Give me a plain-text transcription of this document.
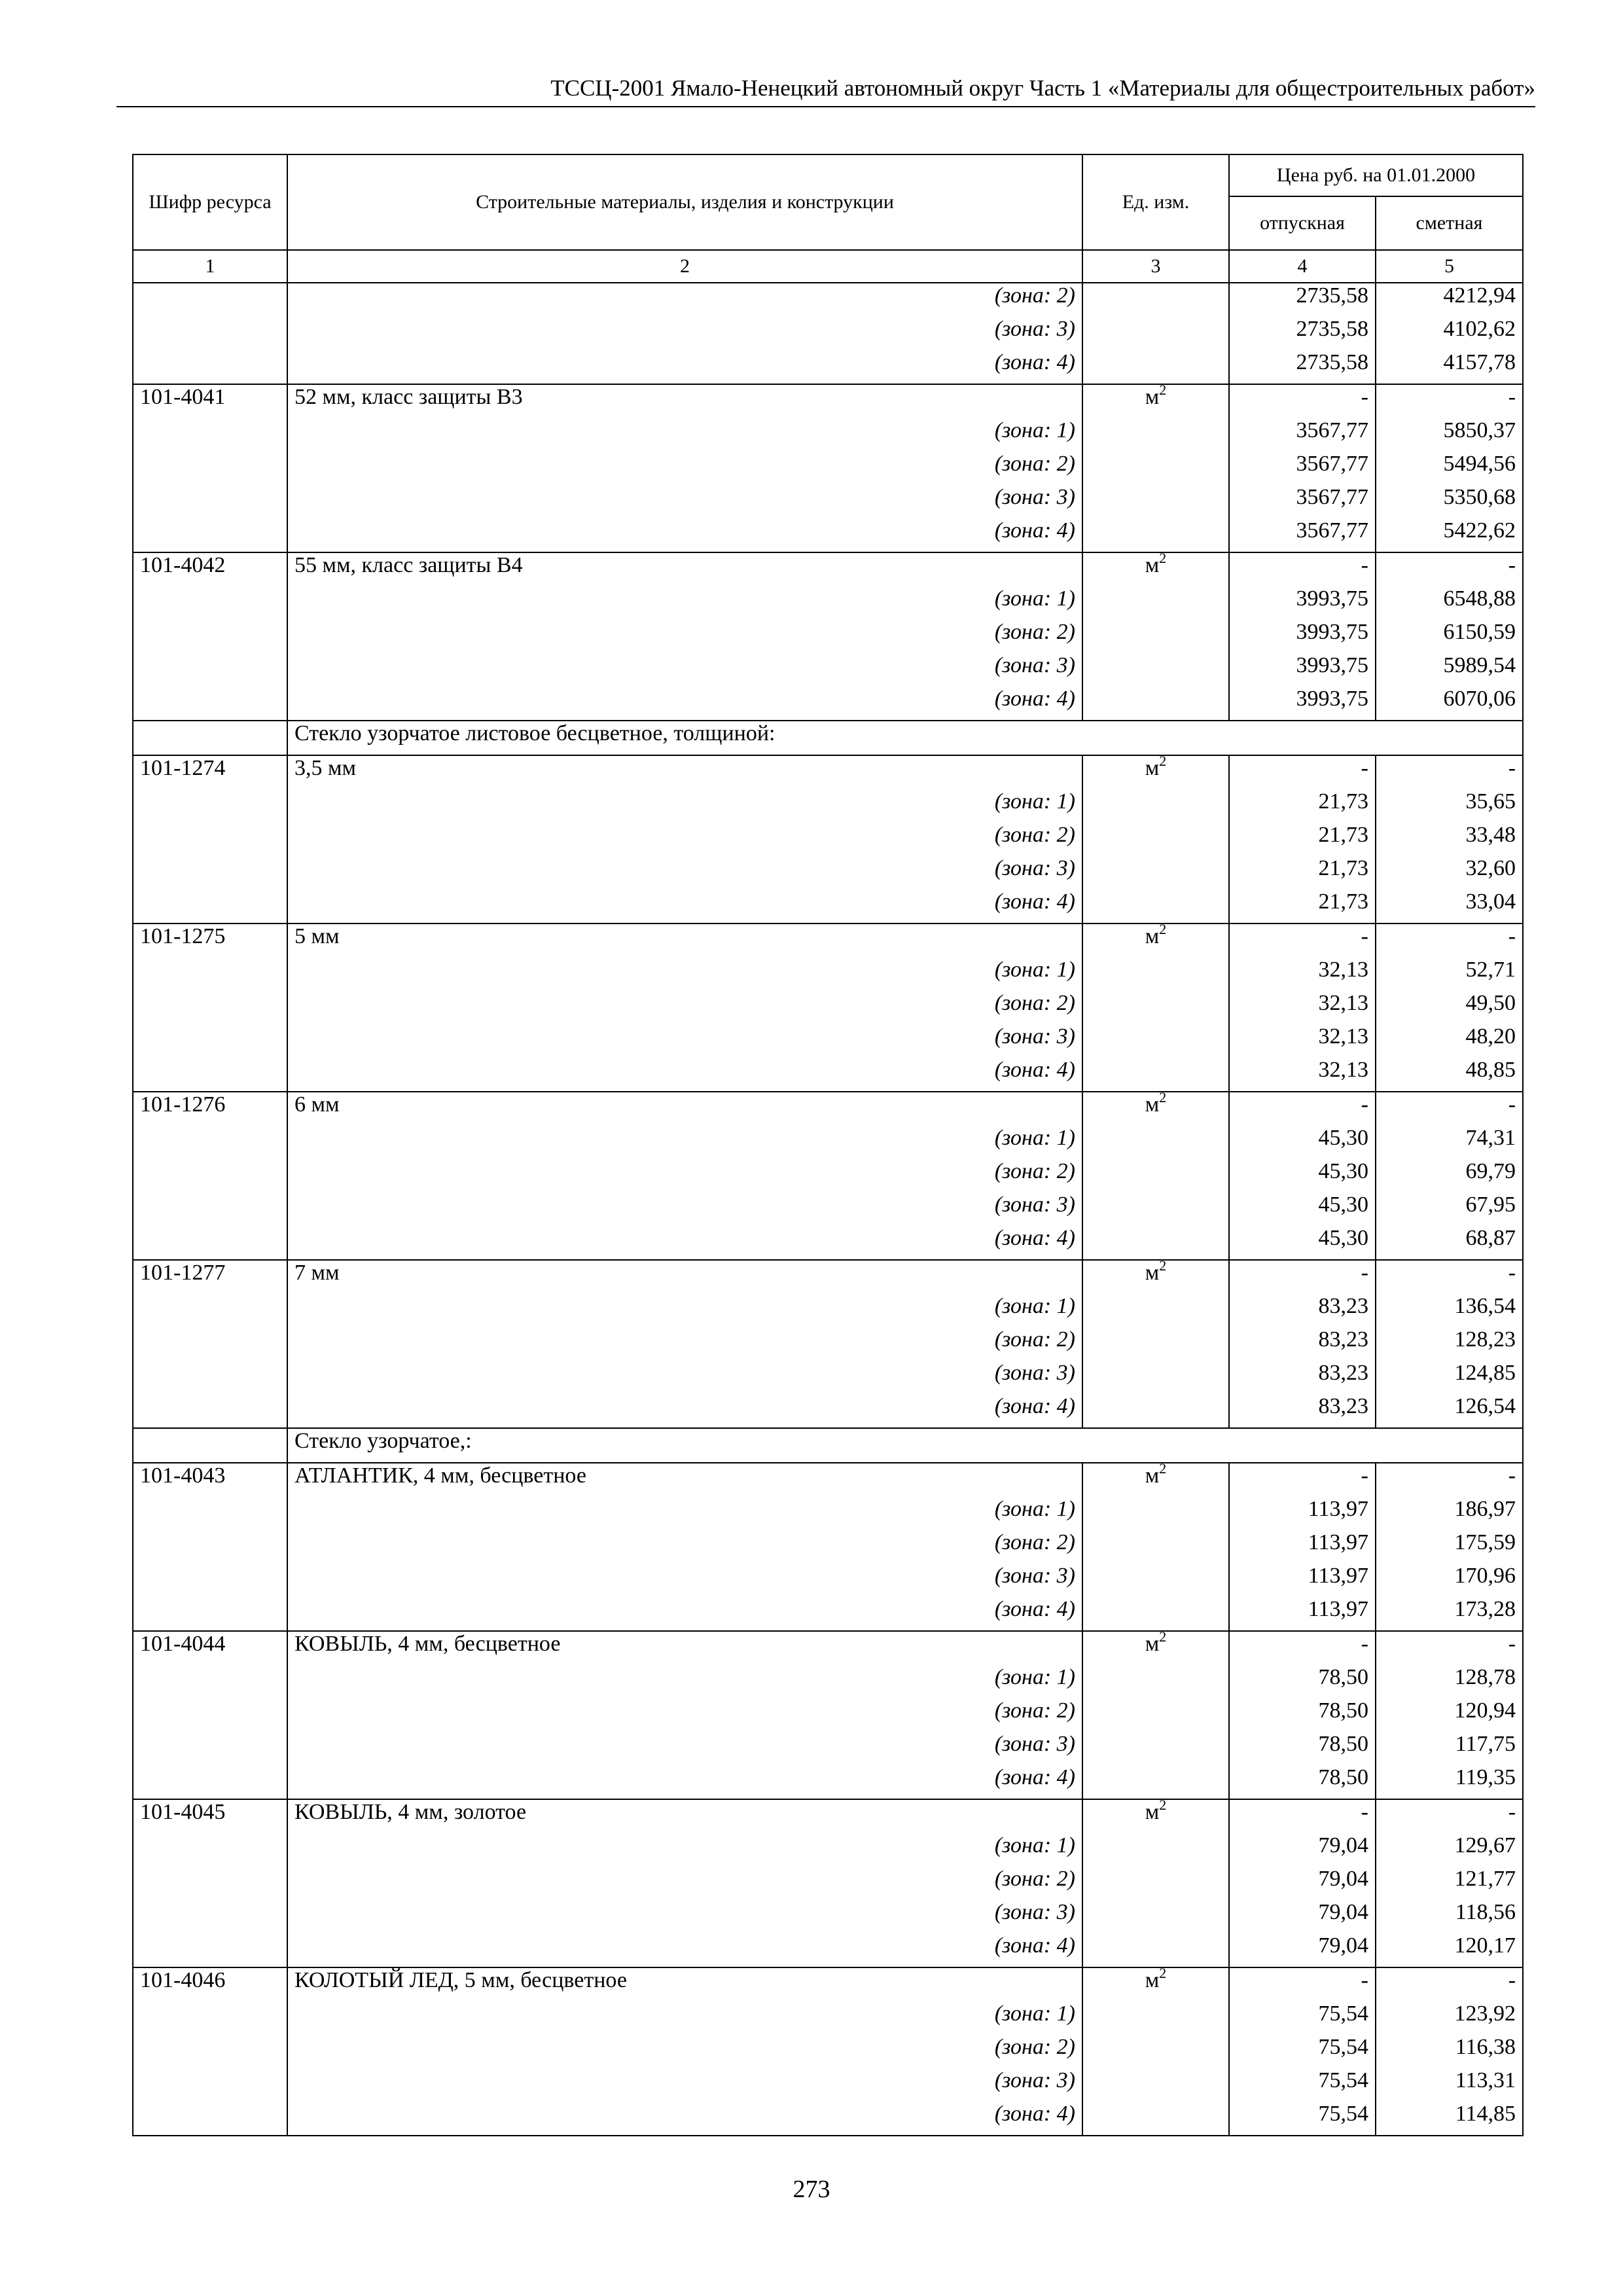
ТССЦ-2001 Ямало-Ненецкий автономный округ Часть 1 «Материалы для общестроительных работ»
Шифр ресурса	Строительные материалы, изделия и конструкции	Ед. изм.	Цена руб. на 01.01.2000	
			отпускная	сметная
1	2	3	4	5
	(зона: 2)		2735,58	4212,94
	(зона: 3)		2735,58	4102,62
	(зона: 4)		2735,58	4157,78
101-4041	52 мм, класс защиты В3	$м^2$	-	-
	(зона: 1)		3567,77	5850,37
	(зона: 2)		3567,77	5494,56
	(зона: 3)		3567,77	5350,68
	(зона: 4)		3567,77	5422,62
101-4042	55 мм, класс защиты В4	$м^2$	-	-
	(зона: 1)		3993,75	6548,88
	(зона: 2)		3993,75	6150,59
	(зона: 3)		3993,75	5989,54
	(зона: 4)		3993,75	6070,06
	Стекло узорчатое листовое бесцветное, толщиной:			
101-1274	3,5 мм	$м^2$	-	-
	(зона: 1)		21,73	35,65
	(зона: 2)		21,73	33,48
	(зона: 3)		21,73	32,60
	(зона: 4)		21,73	33,04
101-1275	5 мм	$м^2$	-	-
	(зона: 1)		32,13	52,71
	(зона: 2)		32,13	49,50
	(зона: 3)		32,13	48,20
	(зона: 4)		32,13	48,85
101-1276	6 мм	$м^2$	-	-
	(зона: 1)		45,30	74,31
	(зона: 2)		45,30	69,79
	(зона: 3)		45,30	67,95
	(зона: 4)		45,30	68,87
101-1277	7 мм	$м^2$	-	-
	(зона: 1)		83,23	136,54
	(зона: 2)		83,23	128,23
	(зона: 3)		83,23	124,85
	(зона: 4)		83,23	126,54
	Стекло узорчатое,:			
101-4043	АТЛАНТИК, 4 мм, бесцветное	$м^2$	-	-
	(зона: 1)		113,97	186,97
	(зона: 2)		113,97	175,59
	(зона: 3)		113,97	170,96
	(зона: 4)		113,97	173,28
101-4044	КОВЫЛЬ, 4 мм, бесцветное	$м^2$	-	-
	(зона: 1)		78,50	128,78
	(зона: 2)		78,50	120,94
	(зона: 3)		78,50	117,75
	(зона: 4)		78,50	119,35
101-4045	КОВЫЛЬ, 4 мм, золотое	$м^2$	-	-
	(зона: 1)		79,04	129,67
	(зона: 2)		79,04	121,77
	(зона: 3)		79,04	118,56
	(зона: 4)		79,04	120,17
101-4046	КОЛОТЫЙ ЛЕД, 5 мм, бесцветное	$м^2$	-	-
	(зона: 1)		75,54	123,92
	(зона: 2)		75,54	116,38
	(зона: 3)		75,54	113,31
	(зона: 4)		75,54	114,85
273
